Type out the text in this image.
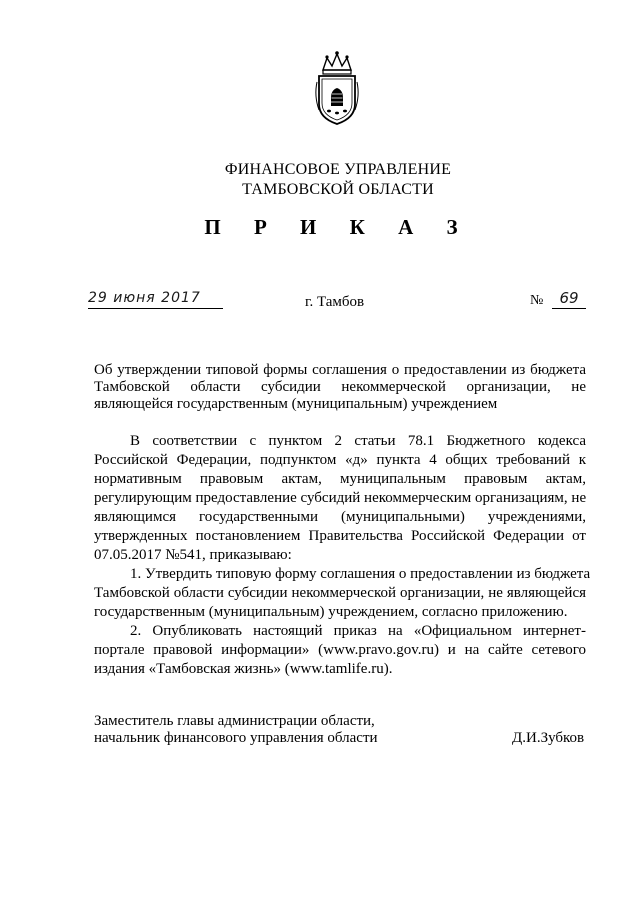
ФИНАНСОВОЕ УПРАВЛЕНИЕ
ТАМБОВСКОЙ ОБЛАСТИ
П Р И К А З
29 июня 2017	г. Тамбов	№	69
Об утверждении типовой формы соглашения о предоставлении из бюджета
Тамбовской области субсидии некоммерческой организации, не
являющейся государственным (муниципальным) учреждением
В соответствии с пунктом 2 статьи 78.1 Бюджетного кодекса
Российской Федерации, подпунктом «д» пункта 4 общих требований к
нормативным правовым актам, муниципальным правовым актам,
регулирующим предоставление субсидий некоммерческим организациям, не
являющимся государственными (муниципальными) учреждениями,
утвержденных постановлением Правительства Российской Федерации от
07.05.2017 №541, приказываю:
1. Утвердить типовую форму соглашения о предоставлении из бюджета
Тамбовской области субсидии некоммерческой организации, не являющейся
государственным (муниципальным) учреждением, согласно приложению.
2. Опубликовать настоящий приказ на «Официальном интернет-
портале правовой информации» (www.pravo.gov.ru) и на сайте сетевого
издания «Тамбовская жизнь» (www.tamlife.ru).
Заместитель главы администрации области,
начальник финансового управления области	Д.И.Зубков
